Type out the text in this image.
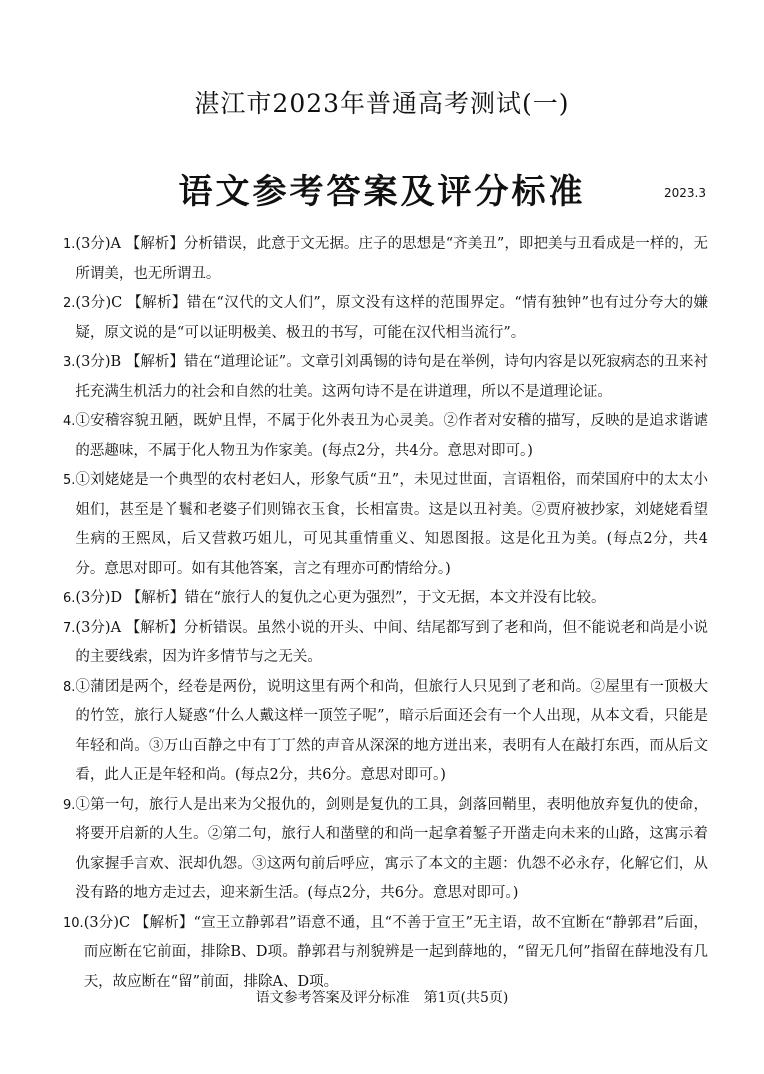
湛江市2023年普通高考测试(一)
语文参考答案及评分标准	2023.3
1. (3分)A 【解析】分析错误，此意于文无据。庄子的思想是“齐美丑”，即把美与丑看成是一样的，无所谓美，也无所谓丑。
2. (3分)C 【解析】错在“汉代的文人们”，原文没有这样的范围界定。“情有独钟”也有过分夸大的嫌疑，原文说的是“可以证明极美、极丑的书写，可能在汉代相当流行”。
3. (3分)B 【解析】错在“道理论证”。文章引刘禹锡的诗句是在举例，诗句内容是以死寂病态的丑来衬托充满生机活力的社会和自然的壮美。这两句诗不是在讲道理，所以不是道理论证。
4. ①安稽容貌丑陋，既妒且悍，不属于化外表丑为心灵美。②作者对安稽的描写，反映的是追求谐谑的恶趣味，不属于化人物丑为作家美。(每点2分，共4分。意思对即可。)
5. ①刘姥姥是一个典型的农村老妇人，形象气质“丑”，未见过世面，言语粗俗，而荣国府中的太太小姐们，甚至是丫鬟和老婆子们则锦衣玉食，长相富贵。这是以丑衬美。②贾府被抄家，刘姥姥看望生病的王熙凤，后又营救巧姐儿，可见其重情重义、知恩图报。这是化丑为美。(每点2分，共4分。意思对即可。如有其他答案，言之有理亦可酌情给分。)
6. (3分)D 【解析】错在“旅行人的复仇之心更为强烈”，于文无据，本文并没有比较。
7. (3分)A 【解析】分析错误。虽然小说的开头、中间、结尾都写到了老和尚，但不能说老和尚是小说的主要线索，因为许多情节与之无关。
8. ①蒲团是两个，经卷是两份，说明这里有两个和尚，但旅行人只见到了老和尚。②屋里有一顶极大的竹笠，旅行人疑惑“什么人戴这样一顶笠子呢”，暗示后面还会有一个人出现，从本文看，只能是年轻和尚。③万山百静之中有丁丁然的声音从深深的地方迸出来，表明有人在敲打东西，而从后文看，此人正是年轻和尚。(每点2分，共6分。意思对即可。)
9. ①第一句，旅行人是出来为父报仇的，剑则是复仇的工具，剑落回鞘里，表明他放弃复仇的使命，将要开启新的人生。②第二句，旅行人和凿壁的和尚一起拿着錾子开凿走向未来的山路，这寓示着仇家握手言欢、泯却仇怨。③这两句前后呼应，寓示了本文的主题：仇怨不必永存，化解它们，从没有路的地方走过去，迎来新生活。(每点2分，共6分。意思对即可。)
10. (3分)C 【解析】“宣王立静郭君”语意不通，且“不善于宣王”无主语，故不宜断在“静郭君”后面，而应断在它前面，排除B、D项。静郭君与剂貌辨是一起到薛地的，“留无几何”指留在薛地没有几天，故应断在“留”前面，排除A、D项。
语文参考答案及评分标准　第1页(共5页)
